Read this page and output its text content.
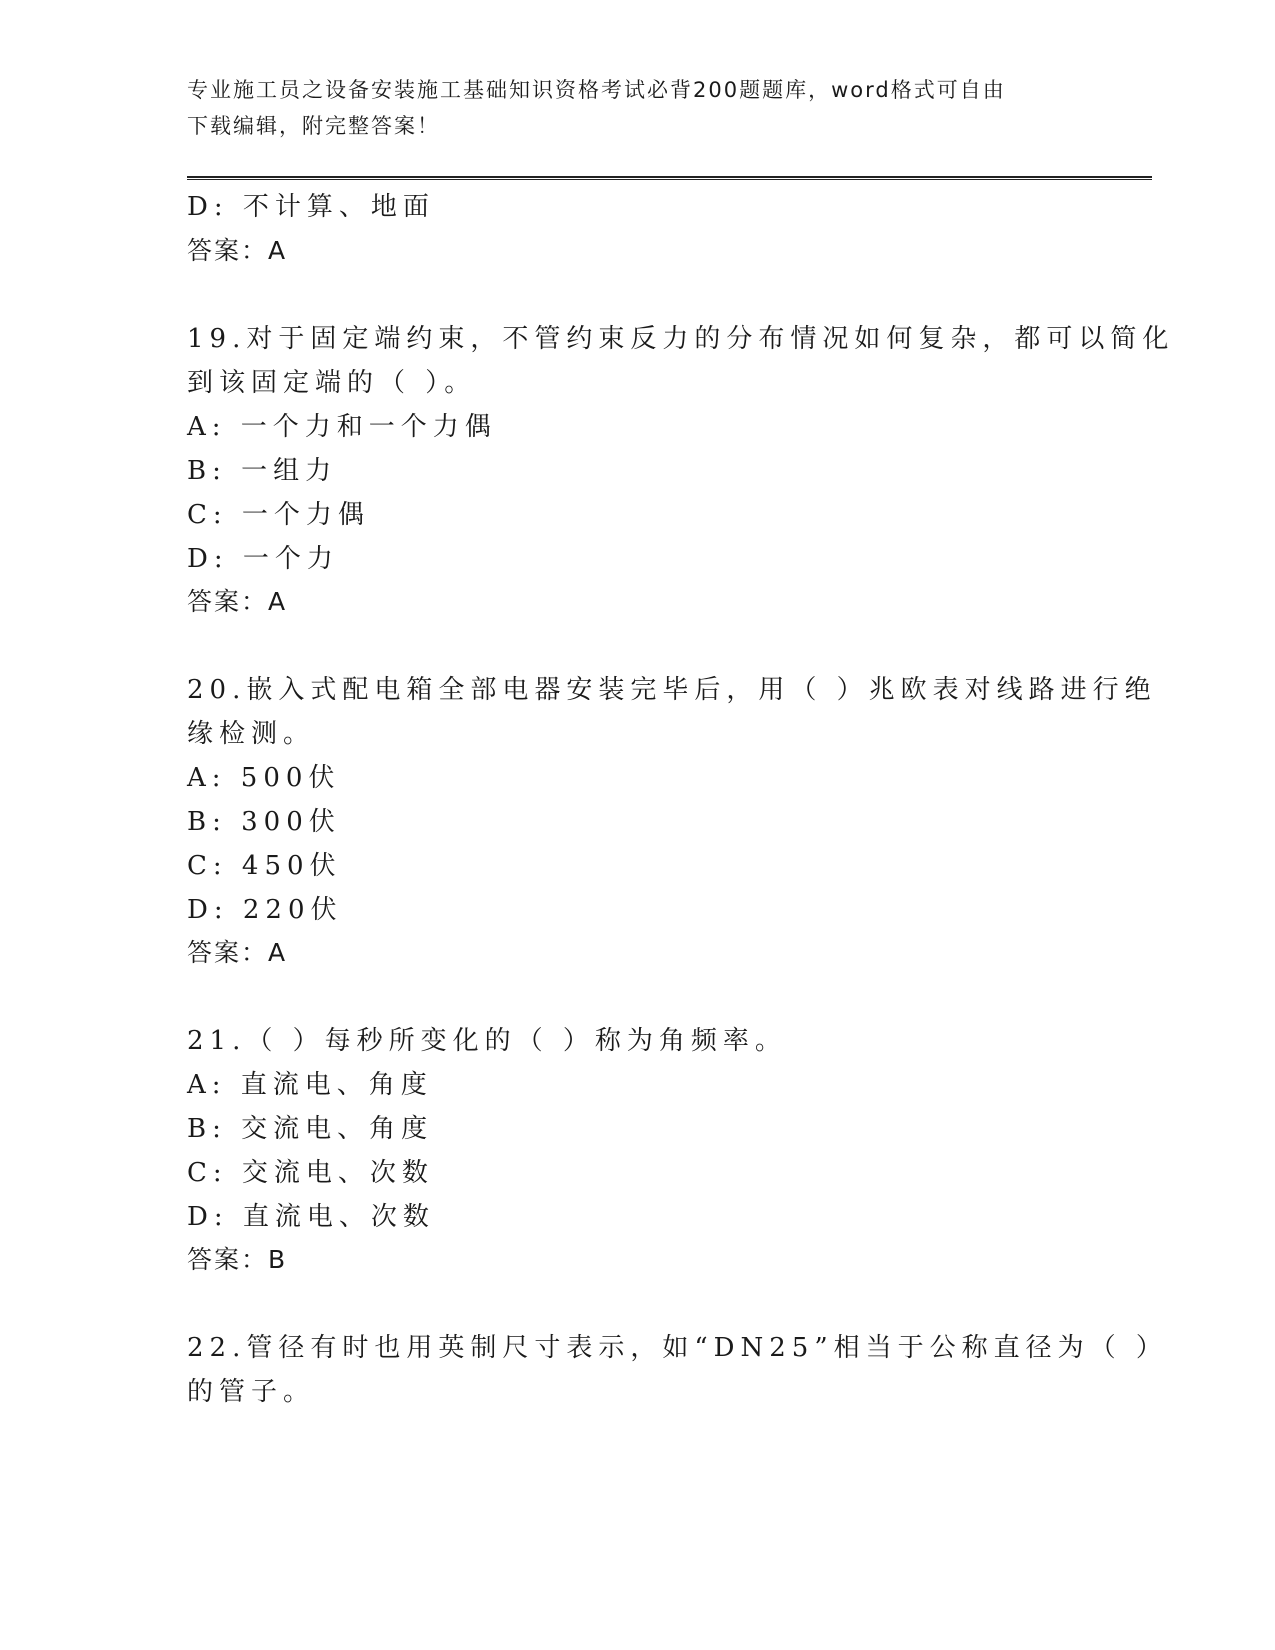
专业施工员之设备安装施工基础知识资格考试必背200题题库，word格式可自由
下载编辑，附完整答案！
D: 不计算、地面
答案：A
19.对于固定端约束，不管约束反力的分布情况如何复杂，都可以简化
到该固定端的（ ）。
A: 一个力和一个力偶
B: 一组力
C: 一个力偶
D: 一个力
答案：A
20.嵌入式配电箱全部电器安装完毕后，用（ ）兆欧表对线路进行绝
缘检测。
A: 500伏
B: 300伏
C: 450伏
D: 220伏
答案：A
21.（ ）每秒所变化的（ ）称为角频率。
A: 直流电、角度
B: 交流电、角度
C: 交流电、次数
D: 直流电、次数
答案：B
22.管径有时也用英制尺寸表示，如“DN25”相当于公称直径为（ ）
的管子。
